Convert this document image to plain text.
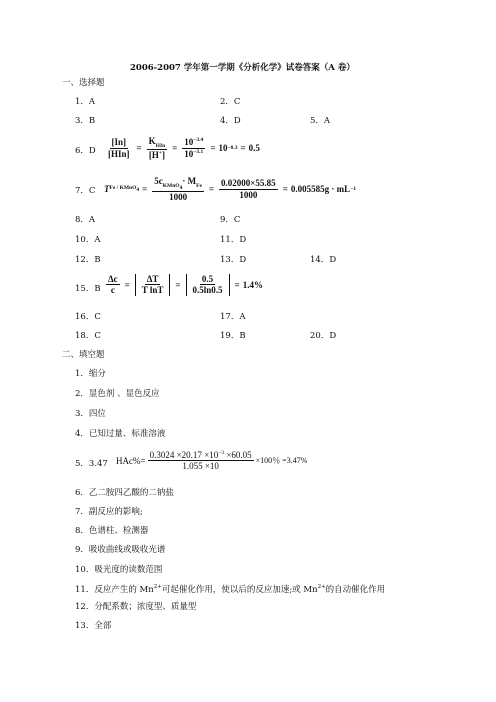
2006-2007 学年第一学期《分析化学》试卷答案（A 卷）
一、选择题
1．A	2．C
3．B	4．D	5．A
6．D $\frac{[In]}{\text{[HIn]}} = \frac{K_{HIn}}{[H^+]} = \frac{10^{-3.4}}{10^{-3.1}} = 10 -0.3 = 0.5$
7．C T Fe / KMnO$_4$ = $\frac{5c_{KMnO_4}\cdot M_{Fe}}{1000} = \frac{0.02000\times 55.85}{1000} = 0.005585g$ · mL −1
8．A	9．C
10．A	11．D
12．B	13．D	14．D
15．B $\frac{\Delta c}{c} = \frac{\Delta T}{\text{T lnT}} = \frac{0.5}{0.5\ln 0.5} = 1.4\%$
16．C	17．A
18．C	19．B	20．D
二、填空题
1．缩分
2．显色剂 、显色反应
3．四位
4．已知过量、标准溶液
5．3.47 $HAc\%= \frac{0.3024 \times 20.17 \times 10^{-3} \times 60.05}{1.055 \times 10} \times 100$％ =3.47%
6．乙二胺四乙酸的二钠盐
7．副反应的影响;
8．色谱柱、检测器
9．吸收曲线或吸收光谱
10．吸光度的读数范围
11．反应产生的 $Mn^{2+}$可起催化作用，使以后的反应加速;或 $Mn^{2+}$的自动催化作用
12．分配系数；浓度型、质量型
13．全部
